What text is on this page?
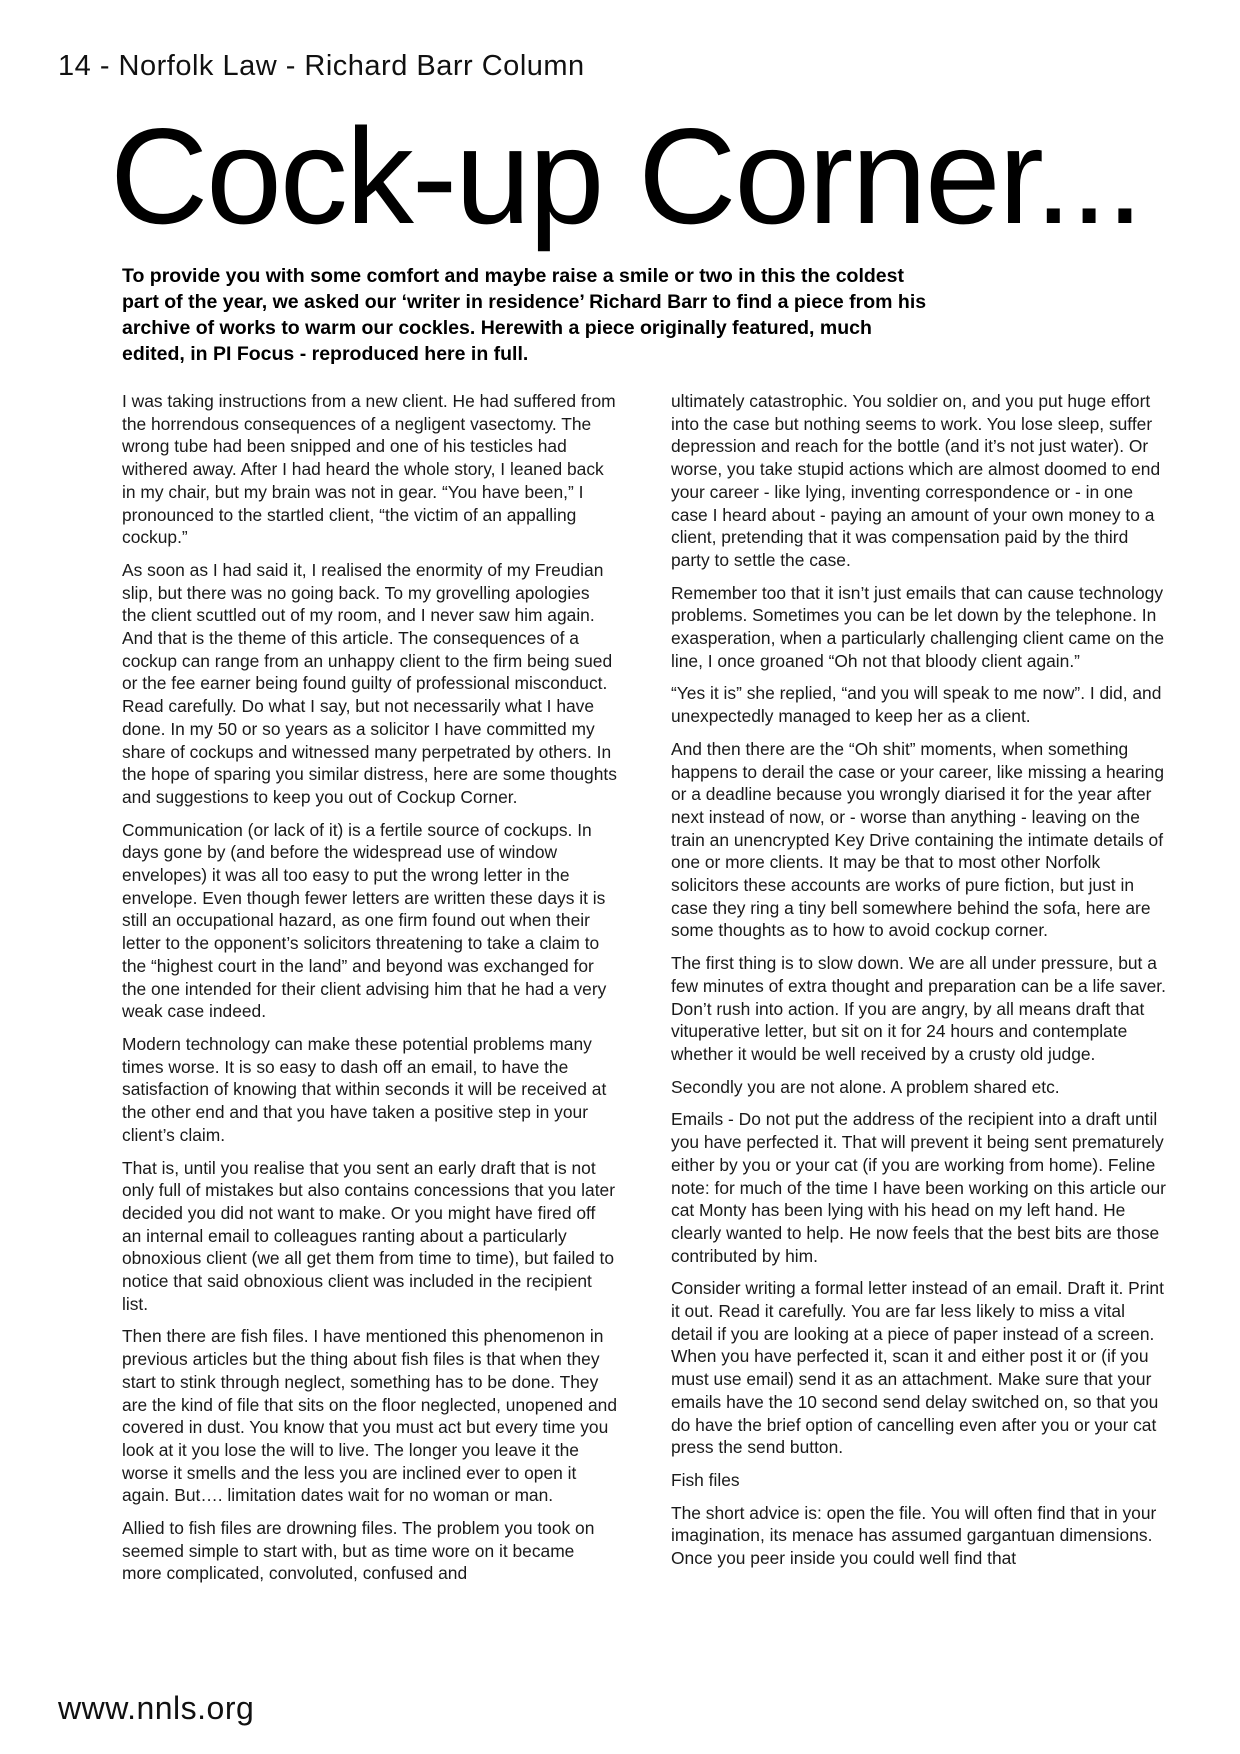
14 - Norfolk Law - Richard Barr Column
Cock-up Corner...

To provide you with some comfort and maybe raise a smile or two in this the coldest part of the year, we asked our ‘writer in residence’ Richard Barr to find a piece from his archive of works to warm our cockles. Herewith a piece originally featured, much edited, in PI Focus - reproduced here in full.

I was taking instructions from a new client. He had suffered from the horrendous consequences of a negligent vasectomy. The wrong tube had been snipped and one of his testicles had withered away. After I had heard the whole story, I leaned back in my chair, but my brain was not in gear. “You have been,” I pronounced to the startled client, “the victim of an appalling cockup.”

As soon as I had said it, I realised the enormity of my Freudian slip, but there was no going back. To my grovelling apologies the client scuttled out of my room, and I never saw him again. And that is the theme of this article. The consequences of a cockup can range from an unhappy client to the firm being sued or the fee earner being found guilty of professional misconduct. Read carefully. Do what I say, but not necessarily what I have done. In my 50 or so years as a solicitor I have committed my share of cockups and witnessed many perpetrated by others. In the hope of sparing you similar distress, here are some thoughts and suggestions to keep you out of Cockup Corner.

Communication (or lack of it) is a fertile source of cockups. In days gone by (and before the widespread use of window envelopes) it was all too easy to put the wrong letter in the envelope. Even though fewer letters are written these days it is still an occupational hazard, as one firm found out when their letter to the opponent’s solicitors threatening to take a claim to the “highest court in the land” and beyond was exchanged for the one intended for their client advising him that he had a very weak case indeed.

Modern technology can make these potential problems many times worse. It is so easy to dash off an email, to have the satisfaction of knowing that within seconds it will be received at the other end and that you have taken a positive step in your client’s claim.

That is, until you realise that you sent an early draft that is not only full of mistakes but also contains concessions that you later decided you did not want to make. Or you might have fired off an internal email to colleagues ranting about a particularly obnoxious client (we all get them from time to time), but failed to notice that said obnoxious client was included in the recipient list.

Then there are fish files. I have mentioned this phenomenon in previous articles but the thing about fish files is that when they start to stink through neglect, something has to be done. They are the kind of file that sits on the floor neglected, unopened and covered in dust. You know that you must act but every time you look at it you lose the will to live. The longer you leave it the worse it smells and the less you are inclined ever to open it again. But…. limitation dates wait for no woman or man.

Allied to fish files are drowning files. The problem you took on seemed simple to start with, but as time wore on it became more complicated, convoluted, confused and

ultimately catastrophic. You soldier on, and you put huge effort into the case but nothing seems to work. You lose sleep, suffer depression and reach for the bottle (and it’s not just water). Or worse, you take stupid actions which are almost doomed to end your career - like lying, inventing correspondence or - in one case I heard about - paying an amount of your own money to a client, pretending that it was compensation paid by the third party to settle the case.

Remember too that it isn’t just emails that can cause technology problems. Sometimes you can be let down by the telephone. In exasperation, when a particularly challenging client came on the line, I once groaned “Oh not that bloody client again.”

“Yes it is” she replied, “and you will speak to me now”. I did, and unexpectedly managed to keep her as a client.

And then there are the “Oh shit” moments, when something happens to derail the case or your career, like missing a hearing or a deadline because you wrongly diarised it for the year after next instead of now, or - worse than anything - leaving on the train an unencrypted Key Drive containing the intimate details of one or more clients. It may be that to most other Norfolk solicitors these accounts are works of pure fiction, but just in case they ring a tiny bell somewhere behind the sofa, here are some thoughts as to how to avoid cockup corner.

The first thing is to slow down. We are all under pressure, but a few minutes of extra thought and preparation can be a life saver. Don’t rush into action. If you are angry, by all means draft that vituperative letter, but sit on it for 24 hours and contemplate whether it would be well received by a crusty old judge.

Secondly you are not alone. A problem shared etc.

Emails - Do not put the address of the recipient into a draft until you have perfected it. That will prevent it being sent prematurely either by you or your cat (if you are working from home). Feline note: for much of the time I have been working on this article our cat Monty has been lying with his head on my left hand. He clearly wanted to help. He now feels that the best bits are those contributed by him.

Consider writing a formal letter instead of an email. Draft it. Print it out. Read it carefully. You are far less likely to miss a vital detail if you are looking at a piece of paper instead of a screen. When you have perfected it, scan it and either post it or (if you must use email) send it as an attachment. Make sure that your emails have the 10 second send delay switched on, so that you do have the brief option of cancelling even after you or your cat press the send button.

Fish files

The short advice is: open the file. You will often find that in your imagination, its menace has assumed gargantuan dimensions. Once you peer inside you could well find that

www.nnls.org
